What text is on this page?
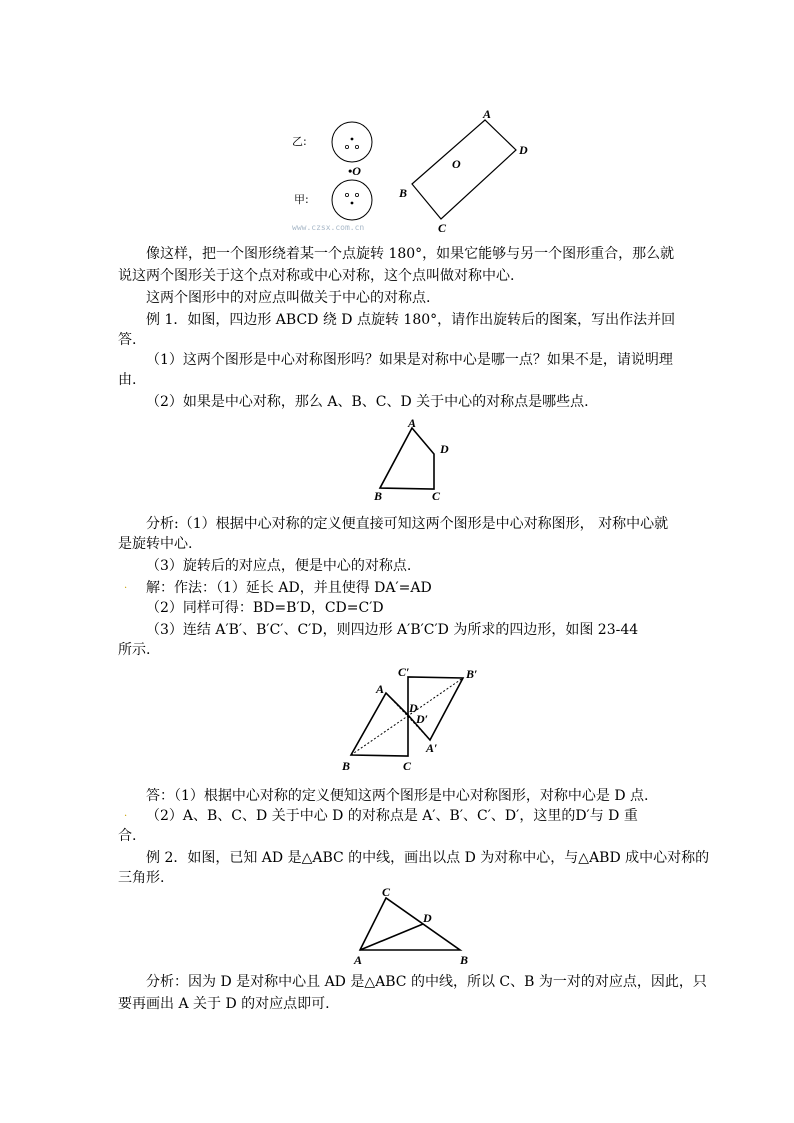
乙:
•O
甲:
www.czsx.com.cn
A
B
C
D
O
像这样，把一个图形绕着某一个点旋转 180°，如果它能够与另一个图形重合，那么就
说这两个图形关于这个点对称或中心对称，这个点叫做对称中心.
这两个图形中的对应点叫做关于中心的对称点.
例 1．如图，四边形 ABCD 绕 D 点旋转 180°，请作出旋转后的图案，写出作法并回
答.
（1）这两个图形是中心对称图形吗？如果是对称中心是哪一点？如果不是，请说明理
由.
（2）如果是中心对称，那么 A、B、C、D 关于中心的对称点是哪些点.
A
B	C
D
分析:（1）根据中心对称的定义便直接可知这两个图形是中心对称图形， 对称中心就
是旋转中心.
（3）旋转后的对应点，便是中心的对称点.
.	解：作法：（1）延长 AD，并且使得 DA′=AD
（2）同样可得：BD=B′D，CD=C′D
（3）连结 A′B′、B′C′、C′D，则四边形 A′B′C′D 为所求的四边形，如图 23-44
所示.
A
B	C
D
A′
B′
C′
D′
答：（1）根据中心对称的定义便知这两个图形是中心对称图形，对称中心是 D 点.
.	（2）A、B、C、D 关于中心 D 的对称点是 A′、B′、C′、D′，这里的D′与 D 重
合.
例 2．如图，已知 AD 是△ABC 的中线，画出以点 D 为对称中心，与△ABD 成中心对称的
三角形.
C
A	B
D
分析：因为 D 是对称中心且 AD 是△ABC 的中线，所以 C、B 为一对的对应点，因此，只
要再画出 A 关于 D 的对应点即可.
